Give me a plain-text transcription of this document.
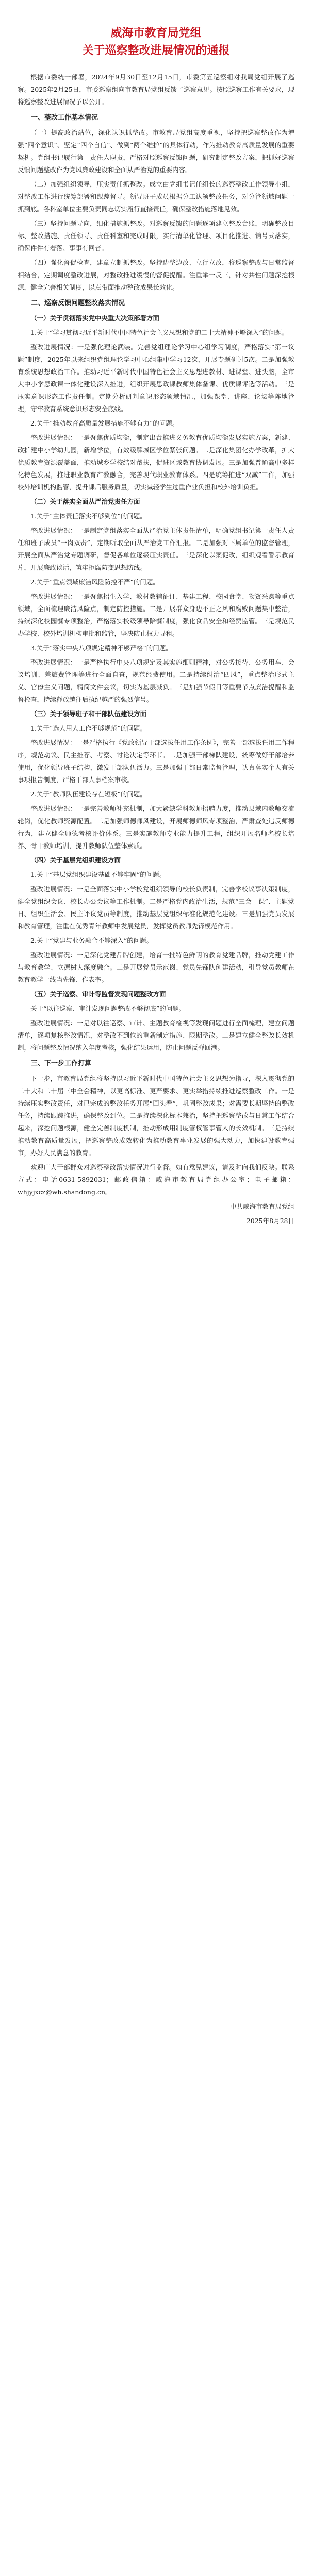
威海市教育局党组
关于巡察整改进展情况的通报

根据市委统一部署，2024年9月30日至12月15日，市委第五巡察组对我局党组开展了巡察。2025年2月25日，市委巡察组向市教育局党组反馈了巡察意见。按照巡察工作有关要求，现将巡察整改进展情况予以公开。

一、整改工作基本情况

（一）提高政治站位，深化认识抓整改。市教育局党组高度重视，坚持把巡察整改作为增强“四个意识”、坚定“四个自信”、做到“两个维护”的具体行动，作为推动教育高质量发展的重要契机。党组书记履行第一责任人职责，严格对照巡察反馈问题，研究制定整改方案，把抓好巡察反馈问题整改作为党风廉政建设和全面从严治党的重要内容。

（二）加强组织领导，压实责任抓整改。成立由党组书记任组长的巡察整改工作领导小组，对整改工作进行统筹部署和跟踪督导。领导班子成员根据分工认领整改任务，对分管领域问题一抓到底。各科室单位主要负责同志切实履行直接责任，确保整改措施落地见效。

（三）坚持问题导向，细化措施抓整改。对巡察反馈的问题逐项建立整改台账，明确整改目标、整改措施、责任领导、责任科室和完成时限，实行清单化管理、项目化推进、销号式落实，确保件件有着落、事事有回音。

（四）强化督促检查，建章立制抓整改。坚持边整边改、立行立改，将巡察整改与日常监督相结合，定期调度整改进展，对整改推进缓慢的督促提醒。注重举一反三，针对共性问题深挖根源，健全完善相关制度，以点带面推动整改成果长效化。

二、巡察反馈问题整改落实情况
（一）关于贯彻落实党中央重大决策部署方面

1.关于“学习贯彻习近平新时代中国特色社会主义思想和党的二十大精神不够深入”的问题。

整改进展情况：一是强化理论武装。完善党组理论学习中心组学习制度，严格落实“第一议题”制度，2025年以来组织党组理论学习中心组集中学习12次，开展专题研讨5次。二是加强教育系统思想政治工作。推动习近平新时代中国特色社会主义思想进教材、进课堂、进头脑，全市大中小学思政课一体化建设深入推进，组织开展思政课教师集体备课、优质课评选等活动。三是压实意识形态工作责任制。定期分析研判意识形态领域情况，加强课堂、讲座、论坛等阵地管理，守牢教育系统意识形态安全底线。

2.关于“推动教育高质量发展措施不够有力”的问题。

整改进展情况：一是聚焦优质均衡，制定出台推进义务教育优质均衡发展实施方案，新建、改扩建中小学幼儿园，新增学位，有效缓解城区学位紧张问题。二是深化集团化办学改革，扩大优质教育资源覆盖面，推动城乡学校结对帮扶，促进区域教育协调发展。三是加强普通高中多样化特色发展，推进职业教育产教融合，完善现代职业教育体系。四是统筹推进“双减”工作，加强校外培训机构监管，提升课后服务质量，切实减轻学生过重作业负担和校外培训负担。

（二）关于落实全面从严治党责任方面

1.关于“主体责任落实不够到位”的问题。

整改进展情况：一是制定党组落实全面从严治党主体责任清单，明确党组书记第一责任人责任和班子成员“一岗双责”，定期听取全面从严治党工作汇报。二是加强对下属单位的监督管理，开展全面从严治党专题调研，督促各单位逐级压实责任。三是深化以案促改，组织观看警示教育片，开展廉政谈话，筑牢拒腐防变思想防线。

2.关于“重点领域廉洁风险防控不严”的问题。

整改进展情况：一是聚焦招生入学、教材教辅征订、基建工程、校园食堂、物资采购等重点领域，全面梳理廉洁风险点，制定防控措施。二是开展群众身边不正之风和腐败问题集中整治，持续深化校园餐专项整治，严格落实校级领导陪餐制度，强化食品安全和经费监管。三是规范民办学校、校外培训机构审批和监管，坚决防止权力寻租。

3.关于“落实中央八项规定精神不够严格”的问题。

整改进展情况：一是严格执行中央八项规定及其实施细则精神，对公务接待、公务用车、会议培训、差旅费管理等进行全面自查，规范经费使用。二是持续纠治“四风”，重点整治形式主义、官僚主义问题，精简文件会议，切实为基层减负。三是加强节假日等重要节点廉洁提醒和监督检查，持续释放越往后执纪越严的强烈信号。

（三）关于领导班子和干部队伍建设方面

1.关于“选人用人工作不够规范”的问题。

整改进展情况：一是严格执行《党政领导干部选拔任用工作条例》，完善干部选拔任用工作程序，规范动议、民主推荐、考察、讨论决定等环节。二是加强干部梯队建设，统筹做好干部培养使用，优化领导班子结构，激发干部队伍活力。三是加强干部日常监督管理，认真落实个人有关事项报告制度，严格干部人事档案审核。

2.关于“教师队伍建设存在短板”的问题。

整改进展情况：一是完善教师补充机制，加大紧缺学科教师招聘力度，推动县域内教师交流轮岗，优化教师资源配置。二是加强师德师风建设，开展师德师风专项整治，严肃查处违反师德行为，建立健全师德考核评价体系。三是实施教师专业能力提升工程，组织开展名师名校长培养、骨干教师培训，提升教师队伍整体素质。

（四）关于基层党组织建设方面

1.关于“基层党组织建设基础不够牢固”的问题。

整改进展情况：一是全面落实中小学校党组织领导的校长负责制，完善学校议事决策制度，健全党组织会议、校长办公会议等工作机制。二是严格党内政治生活，规范“三会一课”、主题党日、组织生活会、民主评议党员等制度，推动基层党组织标准化规范化建设。三是加强党员发展和教育管理，注重在优秀青年教师中发展党员，发挥党员教师先锋模范作用。

2.关于“党建与业务融合不够深入”的问题。

整改进展情况：一是深化党建品牌创建，培育一批特色鲜明的教育党建品牌，推动党建工作与教育教学、立德树人深度融合。二是开展党员示范岗、党员先锋队创建活动，引导党员教师在教育教学一线当先锋、作表率。

（五）关于巡察、审计等监督发现问题整改方面

关于“以往巡察、审计发现问题整改不够彻底”的问题。

整改进展情况：一是对以往巡察、审计、主题教育检视等发现问题进行全面梳理，建立问题清单，逐项复核整改情况，对整改不到位的重新制定措施、限期整改。二是建立健全整改长效机制，将问题整改情况纳入年度考核，强化结果运用，防止问题反弹回潮。

三、下一步工作打算

下一步，市教育局党组将坚持以习近平新时代中国特色社会主义思想为指导，深入贯彻党的二十大和二十届三中全会精神，以更高标准、更严要求、更实举措持续推进巡察整改工作。一是持续压实整改责任，对已完成的整改任务开展“回头看”，巩固整改成果；对需要长期坚持的整改任务，持续跟踪推进，确保整改到位。二是持续深化标本兼治，坚持把巡察整改与日常工作结合起来，深挖问题根源，健全完善制度机制，推动形成用制度管权管事管人的长效机制。三是持续推动教育高质量发展，把巡察整改成效转化为推动教育事业发展的强大动力，加快建设教育强市，办好人民满意的教育。

欢迎广大干部群众对巡察整改落实情况进行监督。如有意见建议，请及时向我们反映。联系方式：电话0631-5892031；邮政信箱：威海市教育局党组办公室；电子邮箱：whjyjxcz@wh.shandong.cn。

中共威海市教育局党组

2025年8月28日
